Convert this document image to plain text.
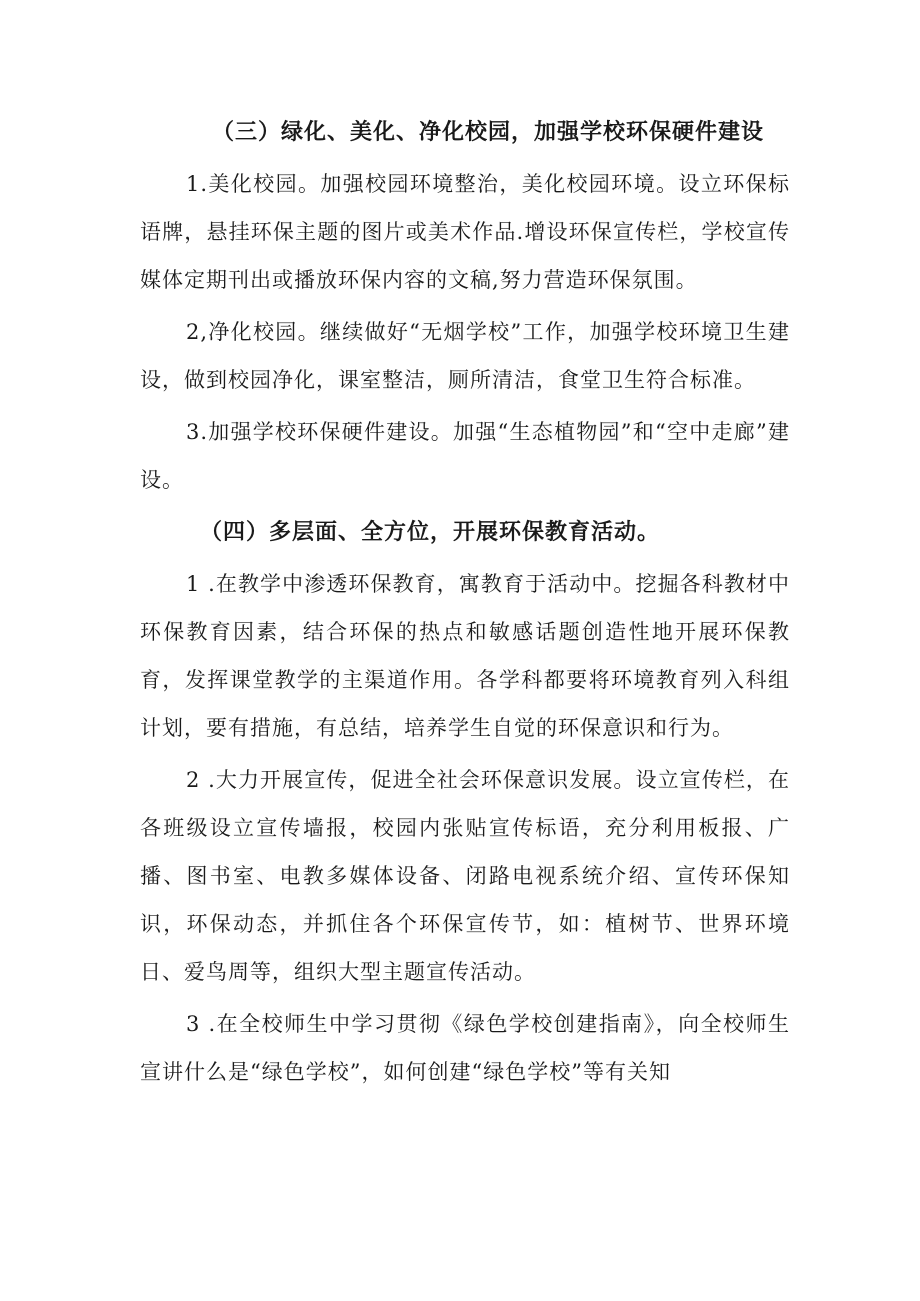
（三）绿化、美化、净化校园，加强学校环保硬件建设
1.美化校园。加强校园环境整治，美化校园环境。设立环保标语牌，悬挂环保主题的图片或美术作品.增设环保宣传栏，学校宣传媒体定期刊出或播放环保内容的文稿,努力营造环保氛围。
2,净化校园。继续做好“无烟学校”工作，加强学校环境卫生建设，做到校园净化，课室整洁，厕所清洁，食堂卫生符合标准。
3.加强学校环保硬件建设。加强“生态植物园”和“空中走廊”建设。
（四）多层面、全方位，开展环保教育活动。
1 .在教学中渗透环保教育，寓教育于活动中。挖掘各科教材中环保教育因素，结合环保的热点和敏感话题创造性地开展环保教育，发挥课堂教学的主渠道作用。各学科都要将环境教育列入科组计划，要有措施，有总结，培养学生自觉的环保意识和行为。
2 .大力开展宣传，促进全社会环保意识发展。设立宣传栏，在各班级设立宣传墙报，校园内张贴宣传标语，充分利用板报、广播、图书室、电教多媒体设备、闭路电视系统介绍、宣传环保知识，环保动态，并抓住各个环保宣传节，如：植树节、世界环境日、爱鸟周等，组织大型主题宣传活动。
3 .在全校师生中学习贯彻《绿色学校创建指南》，向全校师生宣讲什么是“绿色学校”，如何创建“绿色学校”等有关知
